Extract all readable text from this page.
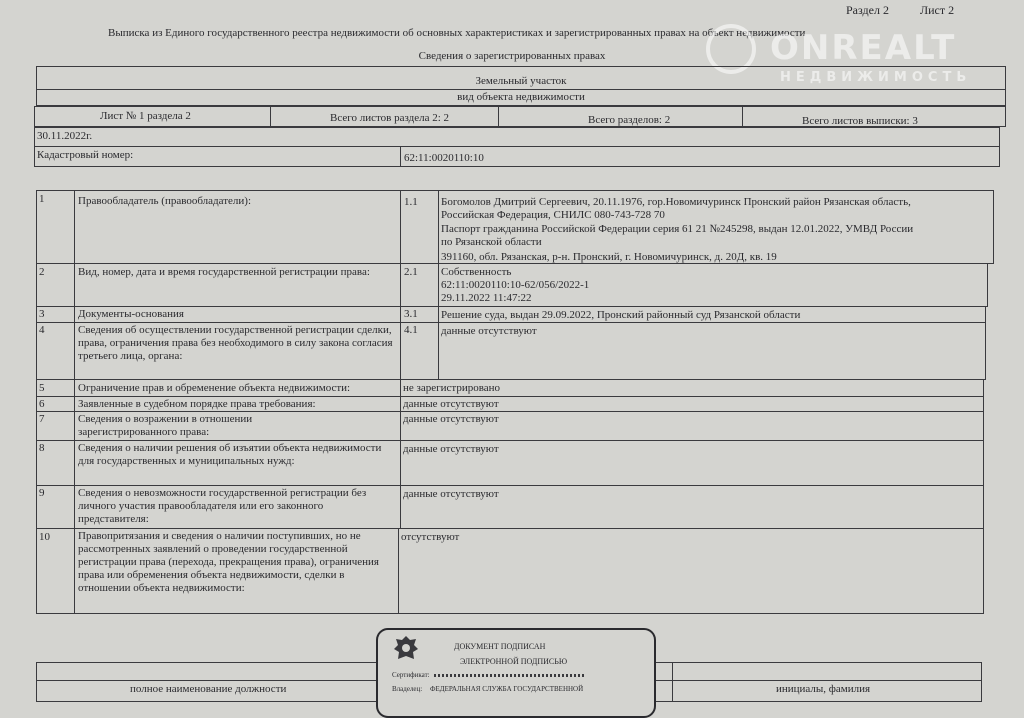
Раздел 2	Лист 2
Выписка из Единого государственного реестра недвижимости об основных характеристиках и зарегистрированных правах на объект недвижимости
Сведения о зарегистрированных правах	ONREALT
НЕДВИЖИМОСТЬ
Земельный участок
вид объекта недвижимости
Лист № 1 раздела 2	Всего листов раздела 2: 2	Всего разделов: 2	Всего листов выписки: 3
30.11.2022г.
Кадастровый номер:	62:11:0020110:10
1	Правообладатель (правообладатели):	1.1 Богомолов Дмитрий Сергеевич, 20.11.1976, гор.Новомичуринск Пронский район Рязанская область,
Российская Федерация, СНИЛС 080-743-728 70
Паспорт гражданина Российской Федерации серия 61 21 №245298, выдан 12.01.2022, УМВД России
по Рязанской области
391160, обл. Рязанская, р-н. Пронский, г. Новомичуринск, д. 20Д, кв. 19
2	Вид, номер, дата и время государственной регистрации права:	2.1 Собственность
62:11:0020110:10-62/056/2022-1
29.11.2022 11:47:22
3	Документы-основания	3.1 Решение суда, выдан 29.09.2022, Пронский районный суд Рязанской области
4	Сведения об осуществлении государственной регистрации сделки, права, ограничения права без необходимого в силу закона согласия третьего лица, органа:
4.1 данные отсутствуют
5	Ограничение прав и обременение объекта недвижимости:	не зарегистрировано
6	Заявленные в судебном порядке права требования:	данные отсутствуют
7	Сведения о возражении в отношении зарегистрированного права:
данные отсутствуют
8	Сведения о наличии решения об изъятии объекта недвижимости для государственных и муниципальных нужд:
данные отсутствуют
9	Сведения о невозможности государственной регистрации без личного участия правообладателя или его законного представителя:
данные отсутствуют
10	Правопритязания и сведения о наличии поступивших, но не рассмотренных заявлений о проведении государственной регистрации права (перехода, прекращения права), ограничения права или обременения объекта недвижимости, сделки в отношении объекта недвижимости:
отсутствуют
полное наименование должности	инициалы, фамилия
ДОКУМЕНТ ПОДПИСАН
ЭЛЕКТРОННОЙ ПОДПИСЬЮ
Сертификат:
Владелец: ФЕДЕРАЛЬНАЯ СЛУЖБА ГОСУДАРСТВЕННОЙ
